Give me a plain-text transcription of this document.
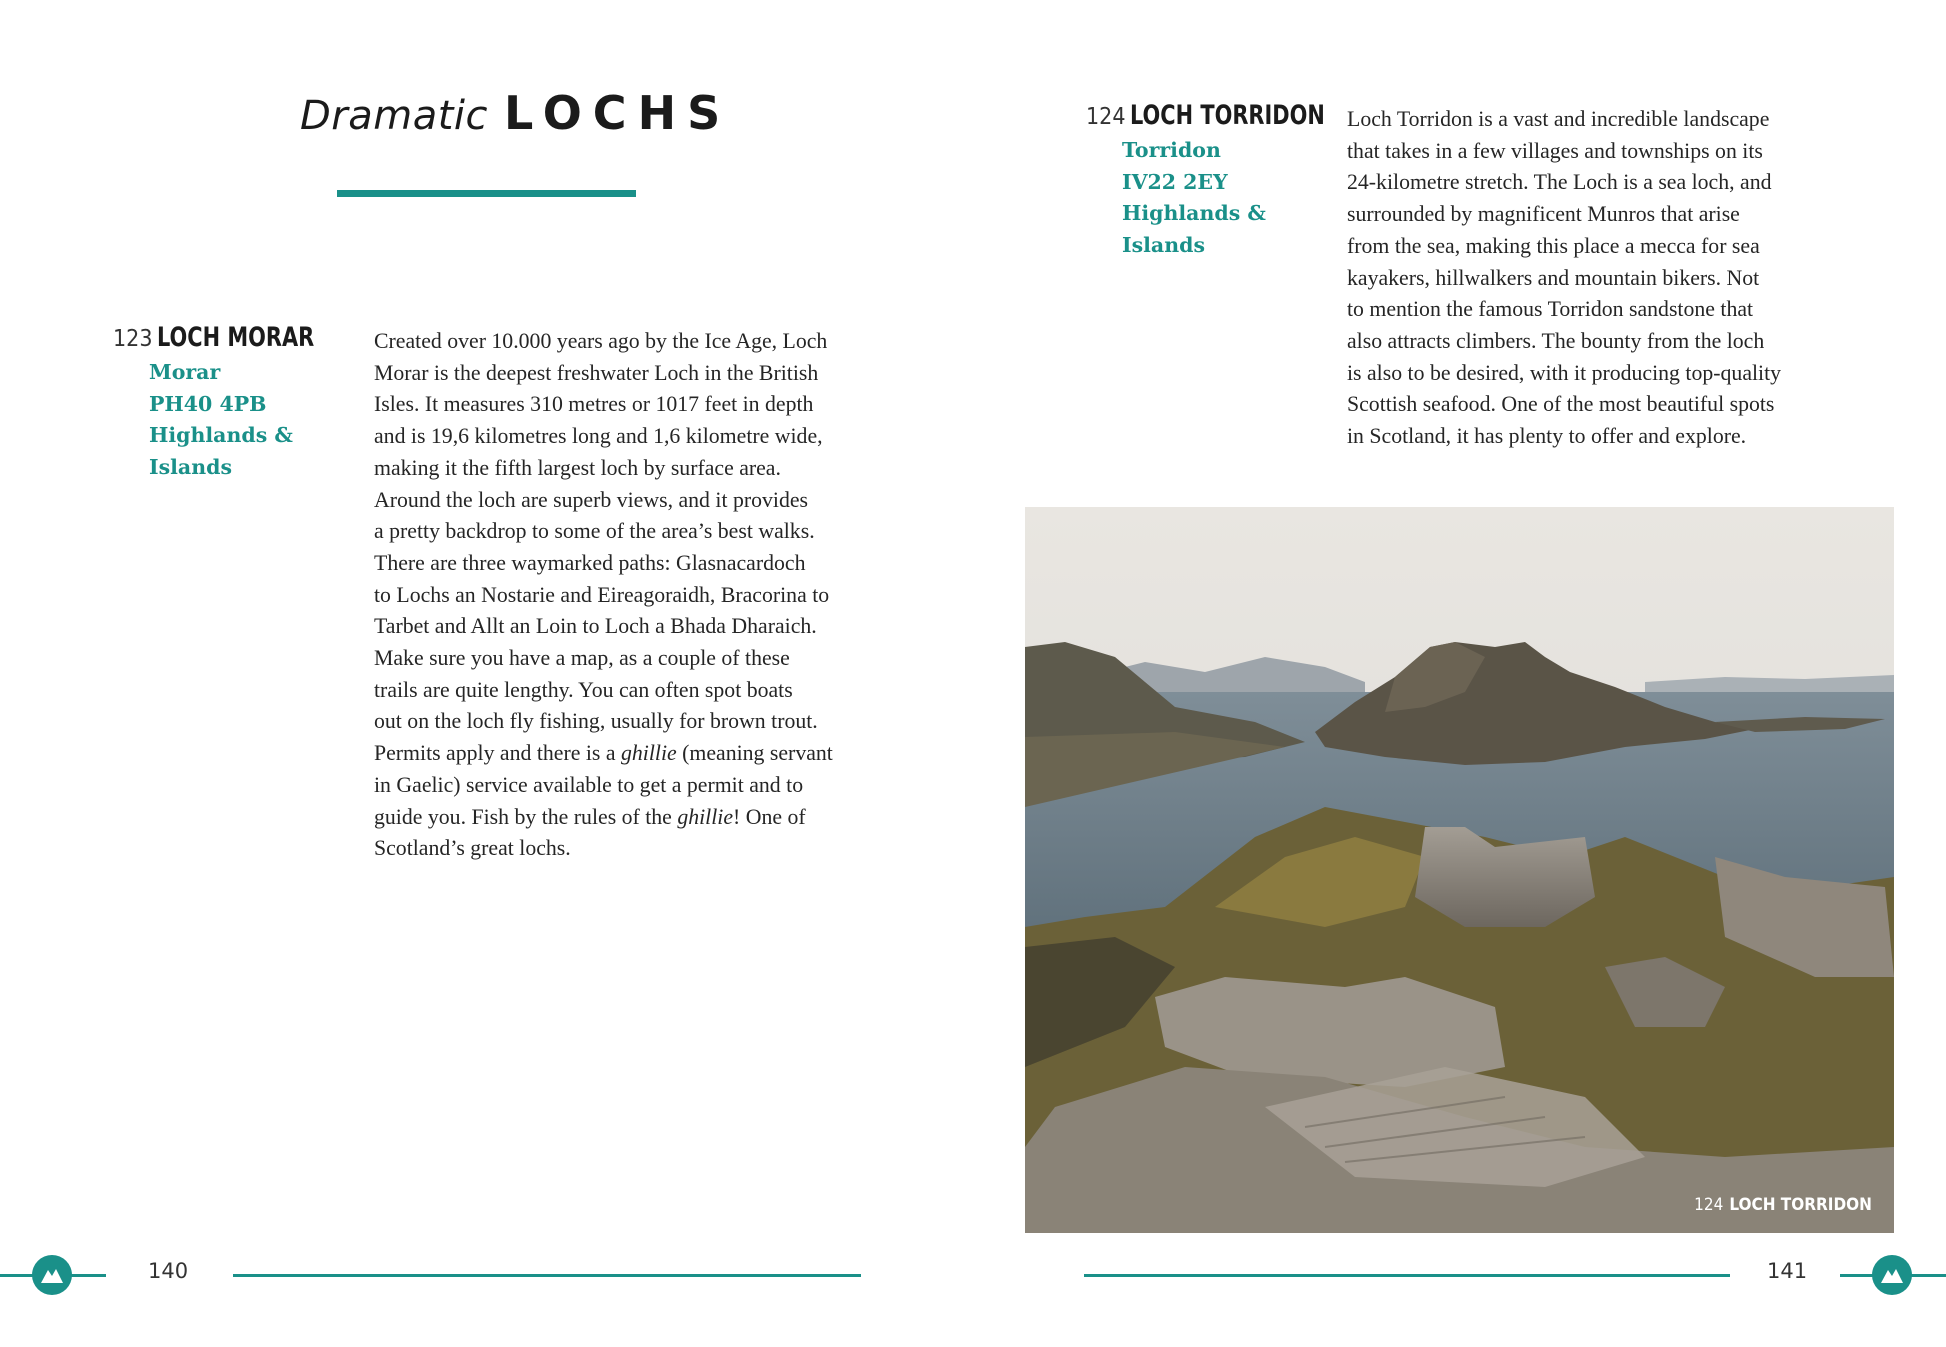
Dramatic LOCHS
123 LOCH MORAR
Morar
PH40 4PB
Highlands &
Islands
Created over 10.000 years ago by the Ice Age, Loch
Morar is the deepest freshwater Loch in the British
Isles. It measures 310 metres or 1017 feet in depth
and is 19,6 kilometres long and 1,6 kilometre wide,
making it the fifth largest loch by surface area.
Around the loch are superb views, and it provides
a pretty backdrop to some of the area’s best walks.
There are three waymarked paths: Glasnacardoch
to Lochs an Nostarie and Eireagoraidh, Bracorina to
Tarbet and Allt an Loin to Loch a Bhada Dharaich.
Make sure you have a map, as a couple of these
trails are quite lengthy. You can often spot boats
out on the loch fly fishing, usually for brown trout.
Permits apply and there is a ghillie (meaning servant
in Gaelic) service available to get a permit and to
guide you. Fish by the rules of the ghillie! One of
Scotland’s great lochs.
124 LOCH TORRIDON
Torridon
IV22 2EY
Highlands &
Islands
Loch Torridon is a vast and incredible landscape
that takes in a few villages and townships on its
24-kilometre stretch. The Loch is a sea loch, and
surrounded by magnificent Munros that arise
from the sea, making this place a mecca for sea
kayakers, hillwalkers and mountain bikers. Not
to mention the famous Torridon sandstone that
also attracts climbers. The bounty from the loch
is also to be desired, with it producing top-quality
Scottish seafood. One of the most beautiful spots
in Scotland, it has plenty to offer and explore.
124 LOCH TORRIDON
140	141
